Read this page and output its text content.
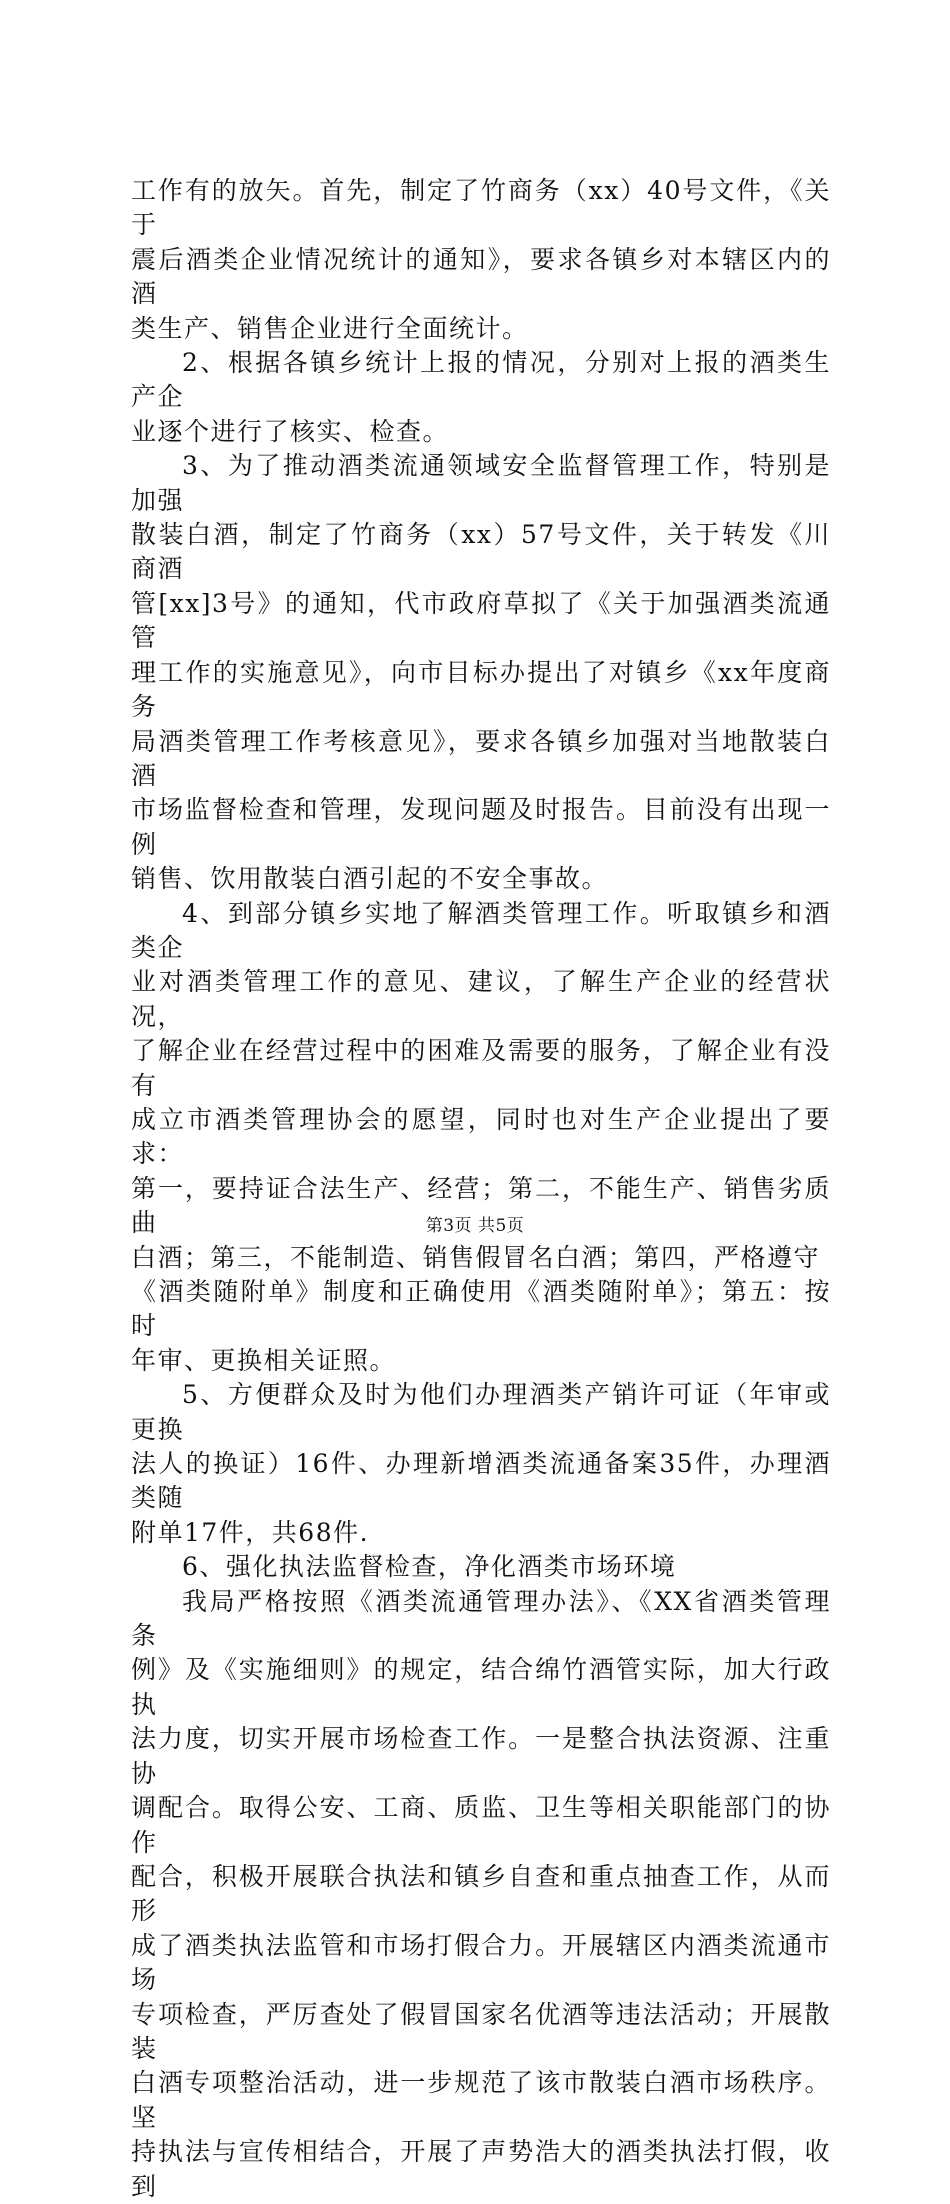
工作有的放矢。首先，制定了竹商务（xx）40号文件，《关于
震后酒类企业情况统计的通知》，要求各镇乡对本辖区内的酒
类生产、销售企业进行全面统计。

2、根据各镇乡统计上报的情况，分别对上报的酒类生产企
业逐个进行了核实、检查。

3、为了推动酒类流通领域安全监督管理工作，特别是加强
散装白酒，制定了竹商务（xx）57号文件，关于转发《川商酒
管[xx]3号》的通知，代市政府草拟了《关于加强酒类流通管
理工作的实施意见》，向市目标办提出了对镇乡《xx年度商务
局酒类管理工作考核意见》，要求各镇乡加强对当地散装白酒
市场监督检查和管理，发现问题及时报告。目前没有出现一例
销售、饮用散装白酒引起的不安全事故。

4、到部分镇乡实地了解酒类管理工作。听取镇乡和酒类企
业对酒类管理工作的意见、建议，了解生产企业的经营状况，
了解企业在经营过程中的困难及需要的服务，了解企业有没有
成立市酒类管理协会的愿望，同时也对生产企业提出了要求：
第一，要持证合法生产、经营；第二，不能生产、销售劣质曲
白酒；第三，不能制造、销售假冒名白酒；第四，严格遵守
《酒类随附单》制度和正确使用《酒类随附单》；第五：按时
年审、更换相关证照。

5、方便群众及时为他们办理酒类产销许可证（年审或更换
法人的换证）16件、办理新增酒类流通备案35件，办理酒类随
附单17件，共68件.

6、强化执法监督检查，净化酒类市场环境

我局严格按照《酒类流通管理办法》、《XX省酒类管理条
例》及《实施细则》的规定，结合绵竹酒管实际，加大行政执
法力度，切实开展市场检查工作。一是整合执法资源、注重协
调配合。取得公安、工商、质监、卫生等相关职能部门的协作
配合，积极开展联合执法和镇乡自查和重点抽查工作，从而形
成了酒类执法监管和市场打假合力。开展辖区内酒类流通市场
专项检查，严厉查处了假冒国家名优酒等违法活动；开展散装
白酒专项整治活动，进一步规范了该市散装白酒市场秩序。坚
持执法与宣传相结合，开展了声势浩大的酒类执法打假，收到

第3页 共5页
